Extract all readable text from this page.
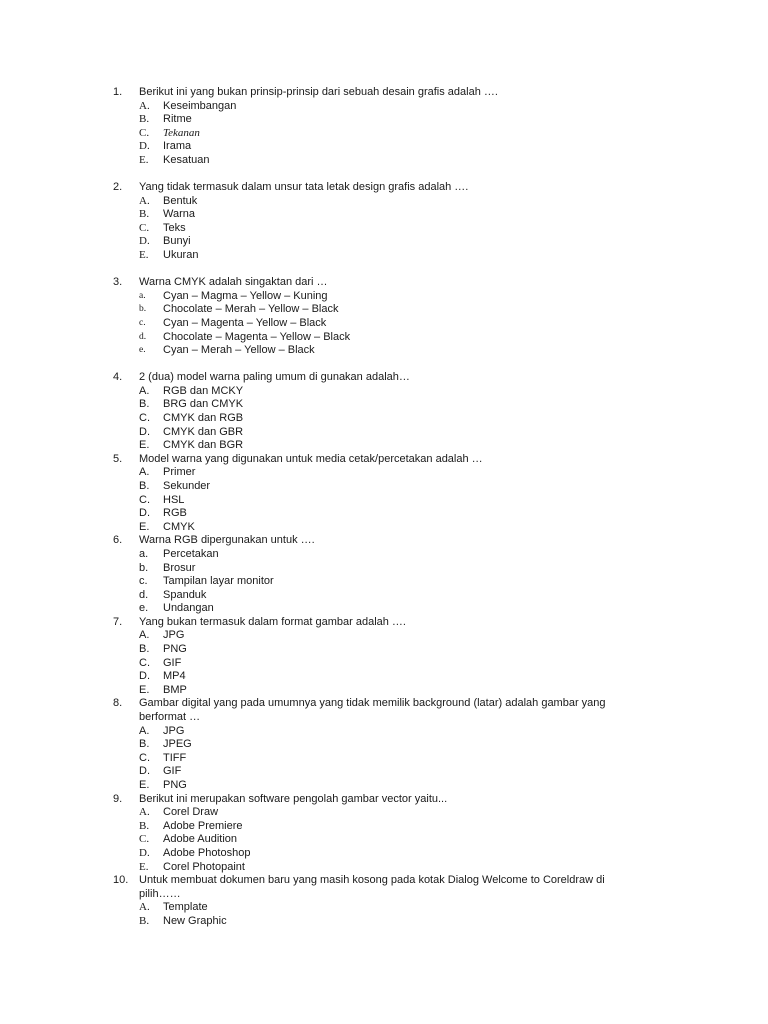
1.	Berikut ini yang bukan prinsip-prinsip dari sebuah desain grafis adalah ….
A.	Keseimbangan
B.	Ritme
C.	Tekanan
D.	Irama
E.	Kesatuan
2.	Yang tidak termasuk dalam unsur tata letak design grafis adalah ….
A.	Bentuk
B.	Warna
C.	Teks
D.	Bunyi
E.	Ukuran
3.	Warna CMYK adalah singaktan dari …
a.	Cyan – Magma – Yellow – Kuning
b.	Chocolate – Merah – Yellow – Black
c.	Cyan – Magenta – Yellow – Black
d.	Chocolate – Magenta – Yellow – Black
e.	Cyan – Merah – Yellow – Black
4.	2 (dua) model warna paling umum di gunakan adalah…
A.	RGB dan MCKY
B.	BRG dan CMYK
C.	CMYK dan RGB
D.	CMYK dan GBR
E.	CMYK dan BGR
5.	Model warna yang digunakan untuk media cetak/percetakan adalah …
A.	Primer
B.	Sekunder
C.	HSL
D.	RGB
E.	CMYK
6.	Warna RGB dipergunakan untuk ….
a.	Percetakan
b.	Brosur
c.	Tampilan layar monitor
d.	Spanduk
e.	Undangan
7.	Yang bukan termasuk dalam format gambar adalah ….
A.	JPG
B.	PNG
C.	GIF
D.	MP4
E.	BMP
8.	Gambar digital yang pada umumnya yang tidak memilik background (latar) adalah gambar yang berformat …
A.	JPG
B.	JPEG
C.	TIFF
D.	GIF
E.	PNG
9.	Berikut ini merupakan software pengolah gambar vector yaitu...
A.	Corel Draw
B.	Adobe Premiere
C.	Adobe Audition
D.	Adobe Photoshop
E.	Corel Photopaint
10. Untuk membuat dokumen baru yang masih kosong pada kotak Dialog Welcome to Coreldraw di pilih……
A.	Template
B.	New Graphic
